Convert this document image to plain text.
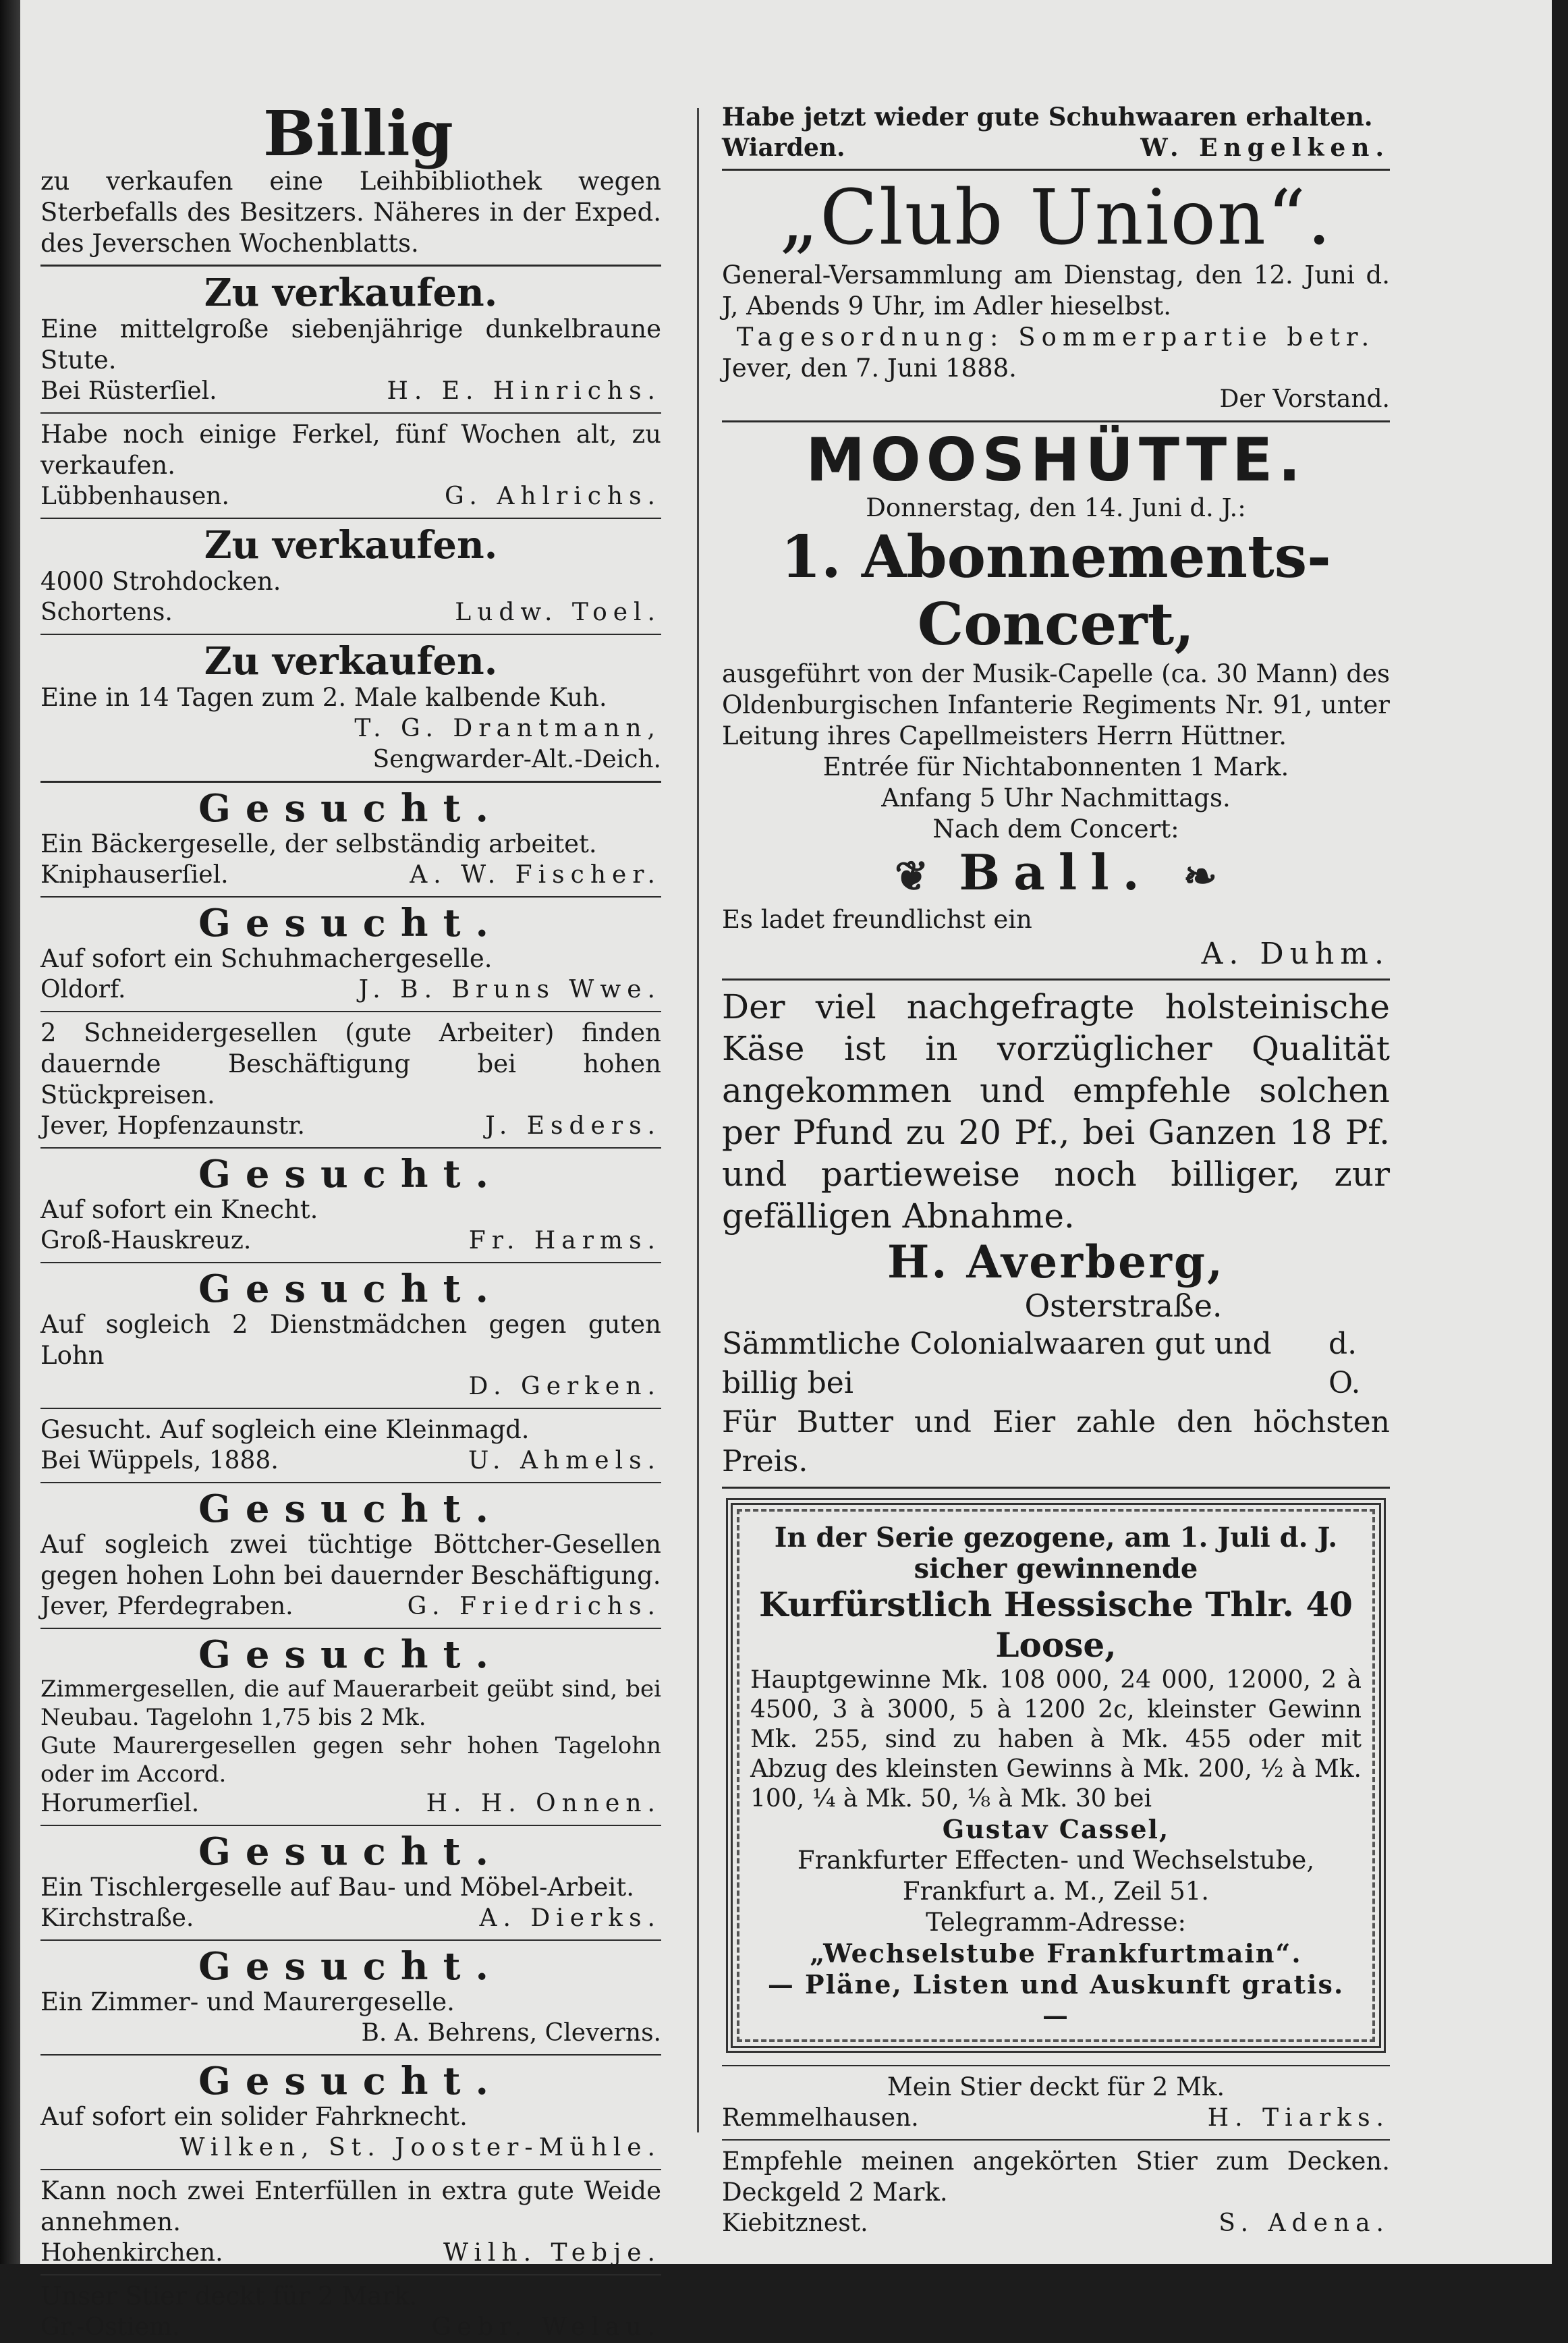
Billig
zu verkaufen eine Leihbibliothek wegen Sterbefalls des Besitzers. Näheres in der Exped. des Jeverschen Wochenblatts.
Zu verkaufen.
Eine mittelgroße siebenjährige dunkelbraune Stute.
Bei Rüsterſiel.	H. E. Hinrichs.
Habe noch einige Ferkel, fünf Wochen alt, zu verkaufen.
Lübbenhausen.	G. Ahlrichs.
Zu verkaufen.
4000 Strohdocken.
Schortens.	Ludw. Toel.
Zu verkaufen.
Eine in 14 Tagen zum 2. Male kalbende Kuh.
T. G. Drantmann,
Sengwarder-Alt.-Deich.
Gesucht.
Ein Bäckergeselle, der selbständig arbeitet.
Kniphauserſiel.	A. W. Fischer.
Gesucht.
Auf sofort ein Schuhmachergeselle.
Oldorf.	J. B. Bruns Wwe.
2 Schneidergesellen (gute Arbeiter) finden dauernde Beschäftigung bei hohen Stückpreisen.
Jever, Hopfenzaunstr.	J. Esders.
Gesucht.
Auf sofort ein Knecht.
Groß-Hauskreuz.	Fr. Harms.
Gesucht.
Auf sogleich 2 Dienstmädchen gegen guten Lohn
D. Gerken.
Gesucht. Auf sogleich eine Kleinmagd.
Bei Wüppels, 1888.	U. Ahmels.
Gesucht.
Auf sogleich zwei tüchtige Böttcher-Gesellen gegen hohen Lohn bei dauernder Beschäftigung.
Jever, Pferdegraben.	G. Friedrichs.
Gesucht.
Zimmergesellen, die auf Mauerarbeit geübt sind, bei Neubau. Tagelohn 1,75 bis 2 Mk.
Gute Maurergesellen gegen sehr hohen Tagelohn oder im Accord.
Horumerſiel.	H. H. Onnen.
Gesucht.
Ein Tischlergeselle auf Bau- und Möbel-Arbeit.
Kirchstraße.	A. Dierks.
Gesucht.
Ein Zimmer- und Maurergeselle.
B. A. Behrens, Cleverns.
Gesucht.
Auf sofort ein solider Fahrknecht.
Wilken, St. Jooster-Mühle.
Kann noch zwei Enterfüllen in extra gute Weide annehmen.
Hohenkirchen.	Wilh. Tebje.
Unser Stier deckt für 2 Mark.
Gr.-Ostiem.	Gebr. Welau.
Habe jetzt wieder gute Schuhwaaren erhalten.
Wiarden.	W. Engelken.
„Club Union“.
General-Versammlung am Dienstag, den 12. Juni d. J, Abends 9 Uhr, im Adler hieselbst.
Tagesordnung: Sommerpartie betr.
Jever, den 7. Juni 1888.
Der Vorstand.
MOOSHÜTTE.
Donnerstag, den 14. Juni d. J.:
1. Abonnements-Concert,
ausgeführt von der Musik-Capelle (ca. 30 Mann) des Oldenburgischen Infanterie Regiments Nr. 91, unter Leitung ihres Capellmeisters Herrn Hüttner.
Entrée für Nichtabonnenten 1 Mark.
Anfang 5 Uhr Nachmittags.
Nach dem Concert:
❦ Ball. ❧
Es ladet freundlichst ein
A. Duhm.
Der viel nachgefragte holsteinische Käse ist in vorzüglicher Qualität angekommen und empfehle solchen per Pfund zu 20 Pf., bei Ganzen 18 Pf. und partieweise noch billiger, zur gefälligen Abnahme.
H. Averberg,
Osterstraße.
Sämmtliche Colonialwaaren gut und billig bei
d. O.
Für Butter und Eier zahle den höchsten Preis.
In der Serie gezogene, am 1. Juli d. J. sicher gewinnende
Kurfürstlich Hessische Thlr. 40 Loose,
Hauptgewinne Mk. 108 000, 24 000, 12000, 2 à 4500, 3 à 3000, 5 à 1200 2c, kleinster Gewinn Mk. 255, sind zu haben à Mk. 455 oder mit Abzug des kleinsten Gewinns à Mk. 200, ½ à Mk. 100, ¼ à Mk. 50, ⅛ à Mk. 30 bei
Gustav Cassel,
Frankfurter Effecten- und Wechselstube,
Frankfurt a. M., Zeil 51.
Telegramm-Adresse:
„Wechselstube Frankfurtmain“.
— Pläne, Listen und Auskunft gratis. —
Mein Stier deckt für 2 Mk.
Remmelhausen.	H. Tiarks.
Empfehle meinen angekörten Stier zum Decken. Deckgeld 2 Mark.
Kiebitznest.	S. Adena.
